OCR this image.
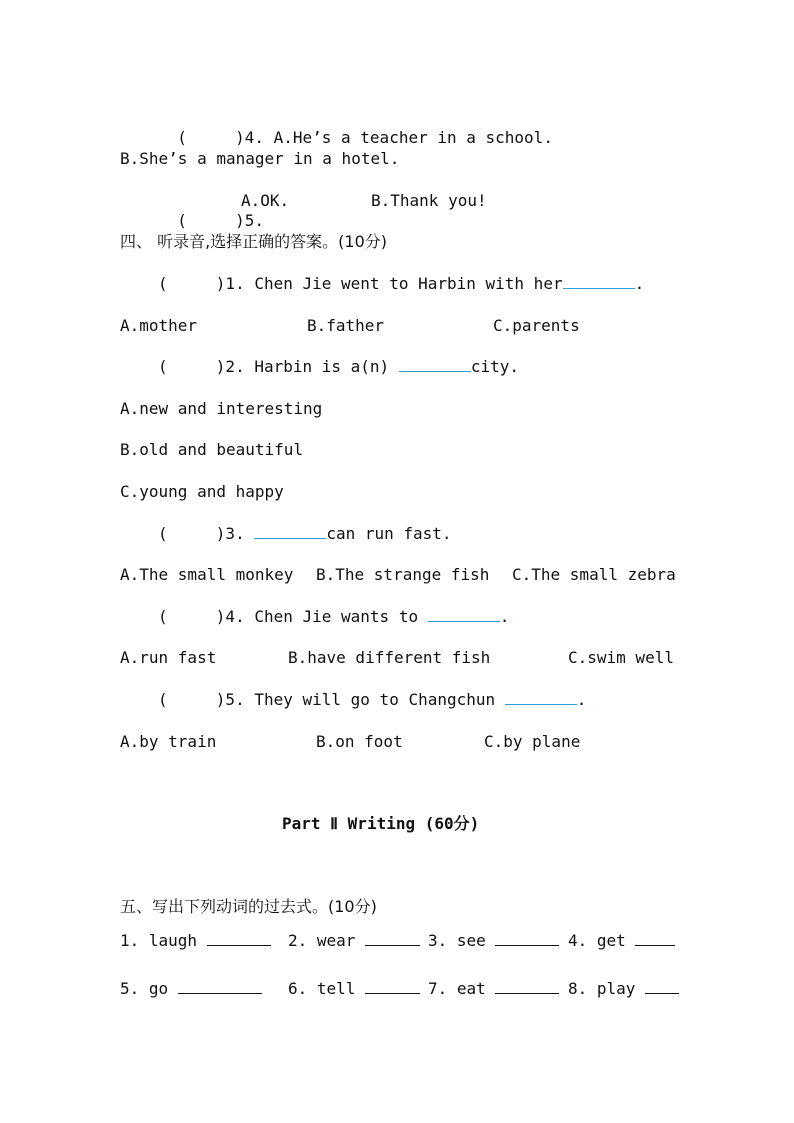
(     )4. A.He’s a teacher in a school.

B.She’s a manager in a hotel.

(     )5.

A.OK.	B.Thank you!
四、 听录音,选择正确的答案。(10分)
(     )1. Chen Jie went to Harbin with her	.
A.mother	B.father	C.parents
(     )2. Harbin is a(n)	city.
A.new and interesting
B.old and beautiful
C.young and happy
(     )3.	can run fast.
A.The small monkey B.The strange fish C.The small zebra
(     )4. Chen Jie wants to	.
A.run fast	B.have different fish	C.swim well
(     )5. They will go to Changchun	.
A.by train	B.on foot	C.by plane
Part Ⅱ Writing (60分)
五、写出下列动词的过去式。(10分)
1. laugh	2. wear	3. see	4. get
5. go	6. tell	7. eat	8. play
